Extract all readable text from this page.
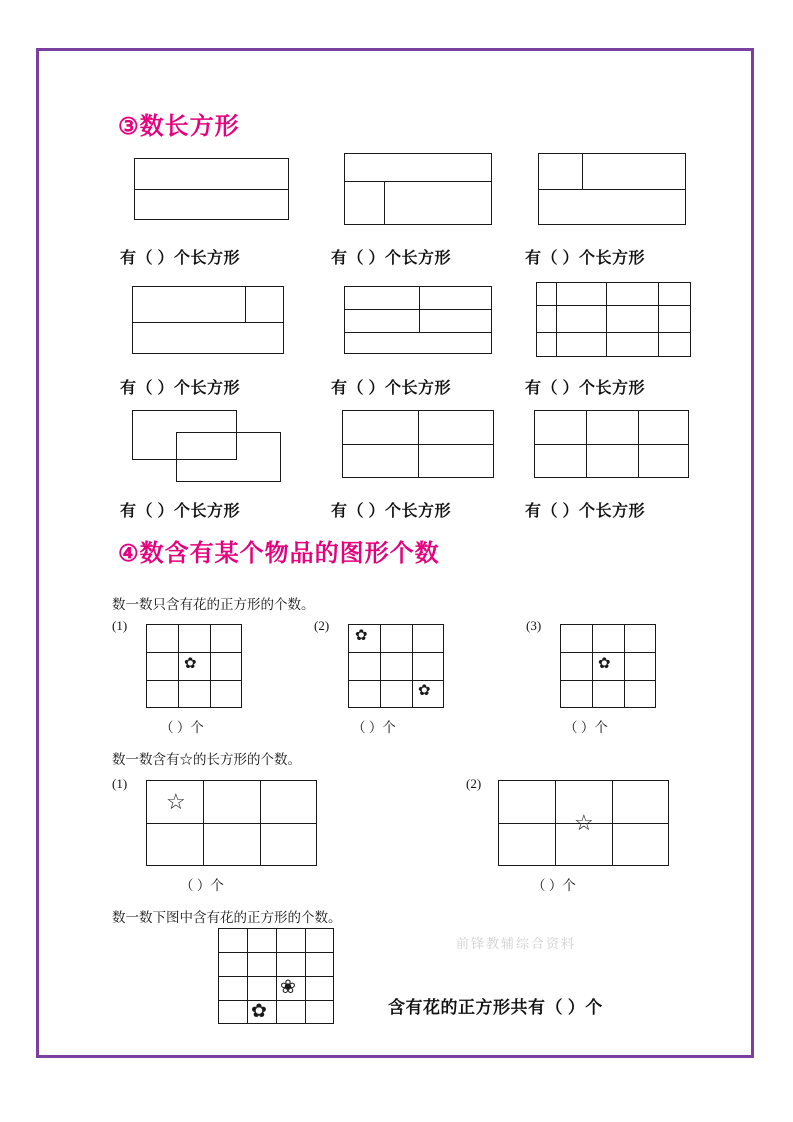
③数长方形
有（ ）个长方形	有（ ）个长方形	有（ ）个长方形
有（ ）个长方形	有（ ）个长方形	有（ ）个长方形
有（ ）个长方形	有（ ）个长方形	有（ ）个长方形
④数含有某个物品的图形个数
数一数只含有花的正方形的个数。
(1)	(2)	(3)
✿
✿
✿
✿
（ ）个	（ ）个	（ ）个
数一数含有☆的长方形的个数。
(1)	(2)
☆
☆
（ ）个	（ ）个
数一数下图中含有花的正方形的个数。
❀
✿	含有花的正方形共有（ ）个
前锋教辅综合资料
